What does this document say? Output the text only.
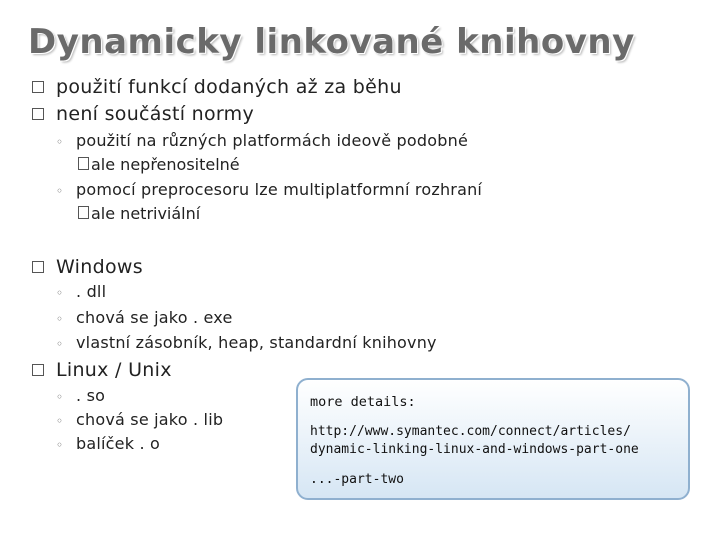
Dynamicky linkované knihovny
použití funkcí dodaných až za běhu
není součástí normy
◦ použití na různých platformách ideově podobné
ale nepřenositelné
◦ pomocí preprocesoru lze multiplatformní rozhraní
ale netriviální
Windows
◦ . dll
◦ chová se jako . exe
◦ vlastní zásobník, heap, standardní knihovny
Linux / Unix
◦ . so
◦ chová se jako . lib
◦ balíček . o
more details:
http://www.symantec.com/connect/articles/
dynamic-linking-linux-and-windows-part-one
...-part-two
